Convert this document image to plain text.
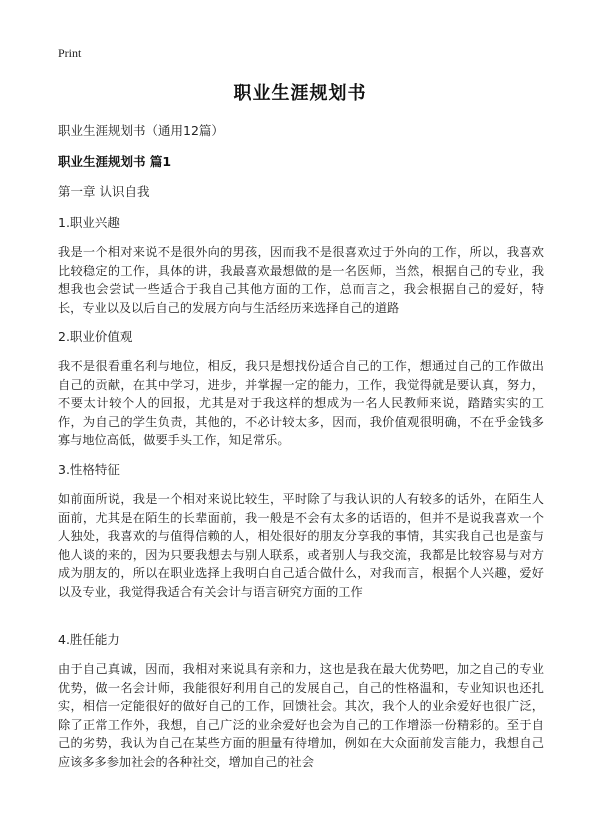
Print
职业生涯规划书
职业生涯规划书（通用12篇）
职业生涯规划书 篇1
第一章 认识自我
1.职业兴趣
我是一个相对来说不是很外向的男孩，因而我不是很喜欢过于外向的工作，所以，我喜欢比较稳定的工作，具体的讲，我最喜欢最想做的是一名医师，当然，根据自己的专业，我想我也会尝试一些适合于我自己其他方面的工作，总而言之，我会根据自己的爱好，特长，专业以及以后自己的发展方向与生活经历来选择自己的道路
2.职业价值观
我不是很看重名利与地位，相反，我只是想找份适合自己的工作，想通过自己的工作做出自己的贡献，在其中学习，进步，并掌握一定的能力，工作，我觉得就是要认真，努力，不要太计较个人的回报，尤其是对于我这样的想成为一名人民教师来说，踏踏实实的工作，为自己的学生负责，其他的，不必计较太多，因而，我价值观很明确，不在乎金钱多寡与地位高低，做要手头工作，知足常乐。
3.性格特征
如前面所说，我是一个相对来说比较生，平时除了与我认识的人有较多的话外，在陌生人面前，尤其是在陌生的长辈面前，我一般是不会有太多的话语的，但并不是说我喜欢一个人独处，我喜欢的与值得信赖的人，相处很好的朋友分享我的事情，其实我自己也是蛮与他人谈的来的，因为只要我想去与别人联系，或者别人与我交流，我都是比较容易与对方成为朋友的，所以在职业选择上我明白自己适合做什么，对我而言，根据个人兴趣，爱好以及专业，我觉得我适合有关会计与语言研究方面的工作
4.胜任能力
由于自己真诚，因而，我相对来说具有亲和力，这也是我在最大优势吧，加之自己的专业优势，做一名会计师，我能很好利用自己的发展自己，自己的性格温和，专业知识也还扎实，相信一定能很好的做好自己的工作，回馈社会。其次，我个人的业余爱好也很广泛，除了正常工作外，我想，自己广泛的业余爱好也会为自己的工作增添一份精彩的。至于自己的劣势，我认为自己在某些方面的胆量有待增加，例如在大众面前发言能力，我想自己应该多多参加社会的各种社交，增加自己的社会
